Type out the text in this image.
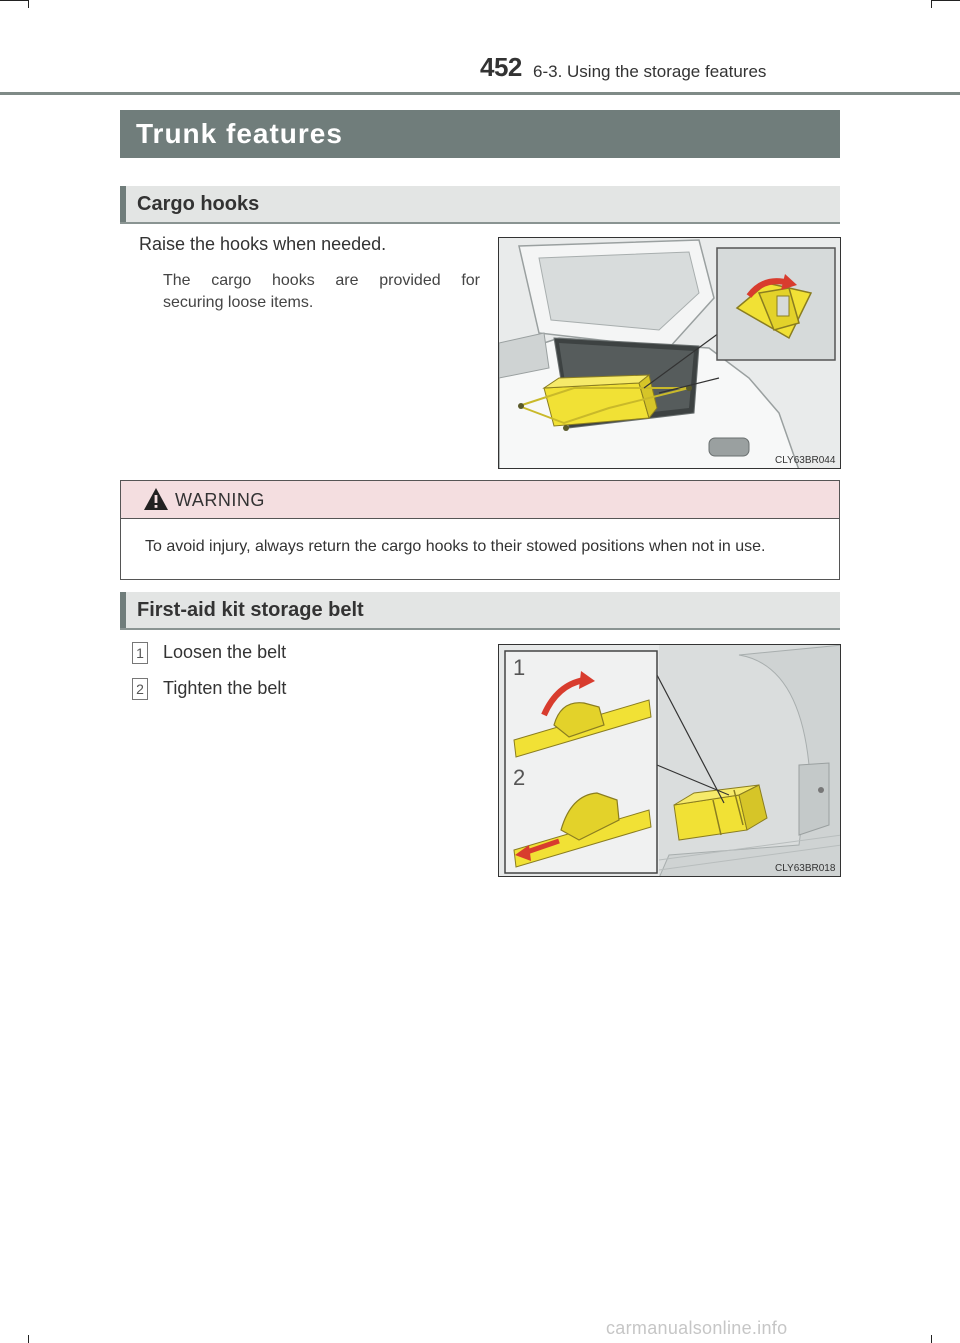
452 6-3. Using the storage features
Trunk features
Cargo hooks
Raise the hooks when needed.
The cargo hooks are provided for
securing loose items.
CLY63BR044
WARNING
To avoid injury, always return the cargo hooks to their stowed positions when not in use.
First-aid kit storage belt
1 Loosen the belt
2 Tighten the belt
1
2
CLY63BR018
carmanualsonline.info
